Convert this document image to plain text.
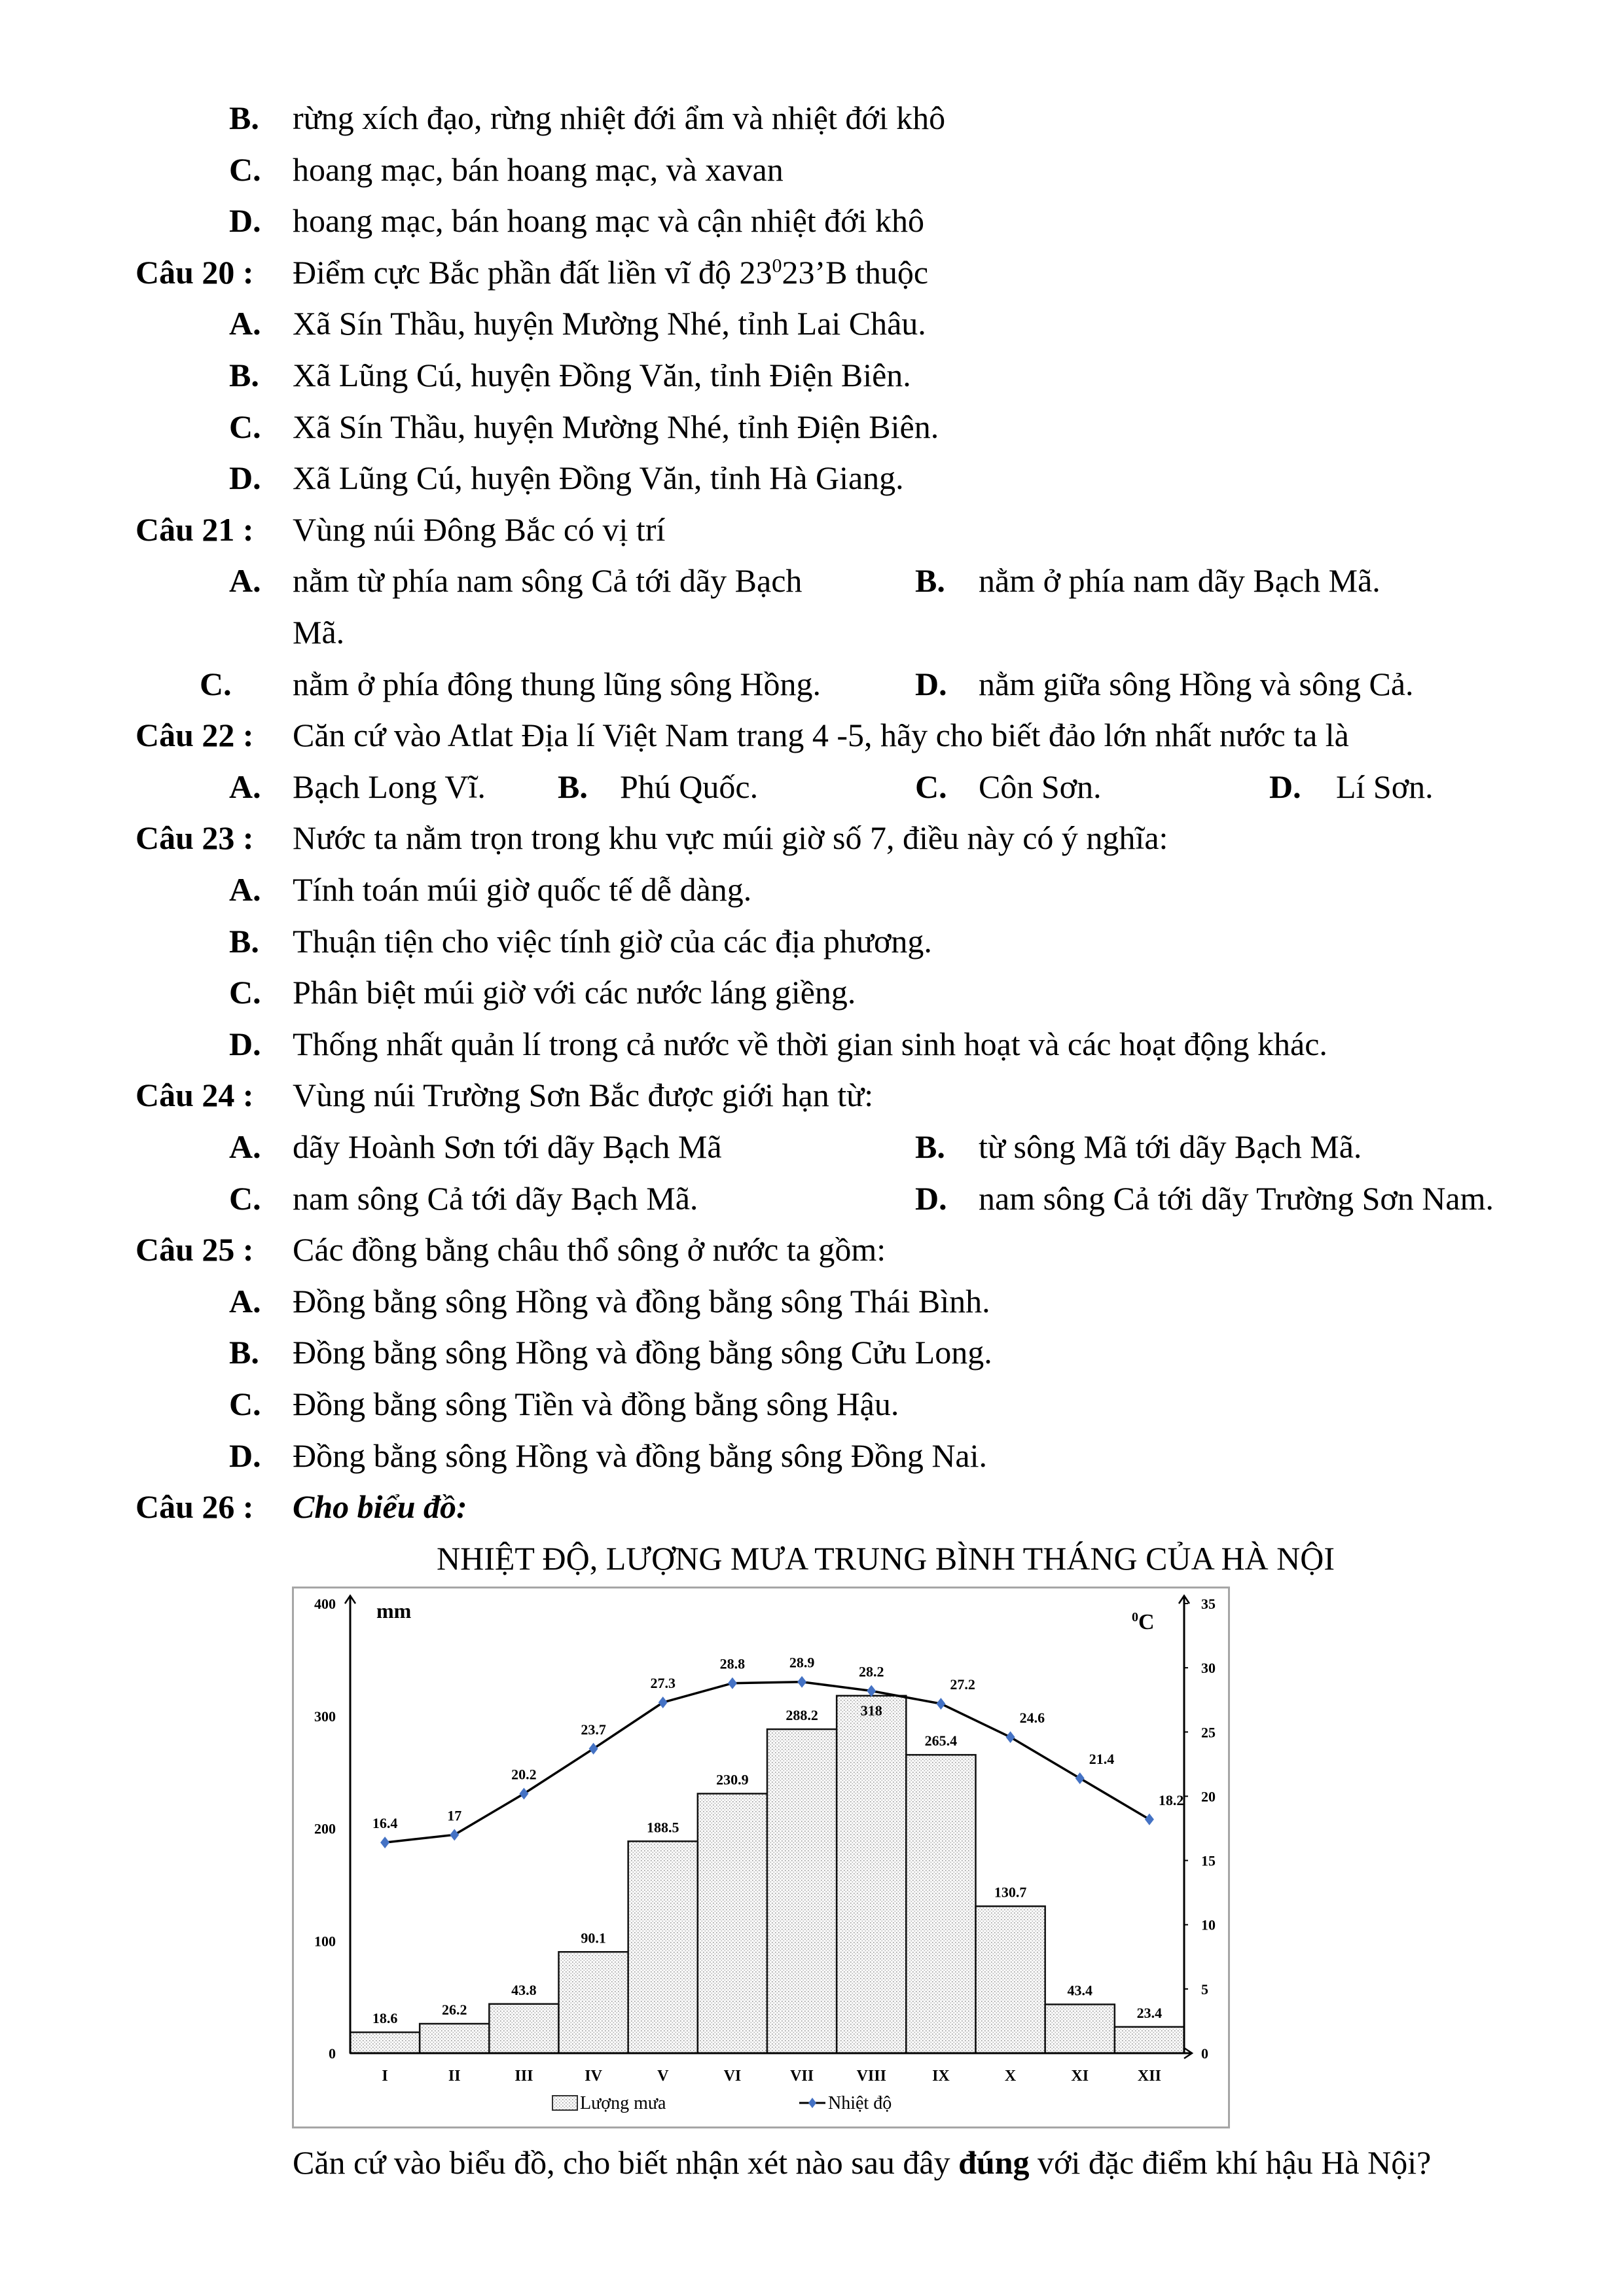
B. rừng xích đạo, rừng nhiệt đới ẩm và nhiệt đới khô
C. hoang mạc, bán hoang mạc, và xavan
D. hoang mạc, bán hoang mạc và cận nhiệt đới khô
Câu 20 : Điểm cực Bắc phần đất liền vĩ độ $23^023’B$ thuộc
A. Xã Sín Thầu, huyện Mường Nhé, tỉnh Lai Châu.
B. Xã Lũng Cú, huyện Đồng Văn, tỉnh Điện Biên.
C. Xã Sín Thầu, huyện Mường Nhé, tỉnh Điện Biên.
D. Xã Lũng Cú, huyện Đồng Văn, tỉnh Hà Giang.
Câu 21 : Vùng núi Đông Bắc có vị trí
A. nằm từ phía nam sông Cả tới dãy Bạch	B. nằm ở phía nam dãy Bạch Mã.
Mã.
C. nằm ở phía đông thung lũng sông Hồng.	D. nằm giữa sông Hồng và sông Cả.
Câu 22 : Căn cứ vào Atlat Địa lí Việt Nam trang 4 -5, hãy cho biết đảo lớn nhất nước ta là
A. Bạch Long Vĩ. B. Phú Quốc.	C. Côn Sơn.	D. Lí Sơn.
Câu 23 : Nước ta nằm trọn trong khu vực múi giờ số 7, điều này có ý nghĩa:
A. Tính toán múi giờ quốc tế dễ dàng.
B. Thuận tiện cho việc tính giờ của các địa phương.
C. Phân biệt múi giờ với các nước láng giềng.
D. Thống nhất quản lí trong cả nước về thời gian sinh hoạt và các hoạt động khác.
Câu 24 : Vùng núi Trường Sơn Bắc được giới hạn từ:
A. dãy Hoành Sơn tới dãy Bạch Mã	B. từ sông Mã tới dãy Bạch Mã.
C. nam sông Cả tới dãy Bạch Mã.	D. nam sông Cả tới dãy Trường Sơn Nam.
Câu 25 : Các đồng bằng châu thổ sông ở nước ta gồm:
A. Đồng bằng sông Hồng và đồng bằng sông Thái Bình.
B. Đồng bằng sông Hồng và đồng bằng sông Cửu Long.
C. Đồng bằng sông Tiền và đồng bằng sông Hậu.
D. Đồng bằng sông Hồng và đồng bằng sông Đồng Nai.
Câu 26 : Cho biểu đồ:
NHIỆT ĐỘ, LƯỢNG MƯA TRUNG BÌNH THÁNG CỦA HÀ NỘI
18.6
26.2
43.8
90.1
188.5
230.9
288.2	318
265.4
130.7
43.4
23.4
0
100
200
300
400
0
5
10
15
20
25
30
35
I	II	III	IV	V	VI	VII	VIII	IX	X	XI	XII
mm	$^0$C
16.4	17
20.2
23.7
27.3
28.8	28.9
28.2
27.2
24.6
21.4
18.2
Lượng mưa	Nhiệt độ
Căn cứ vào biểu đồ, cho biết nhận xét nào sau đây đúng với đặc điểm khí hậu Hà Nội?
